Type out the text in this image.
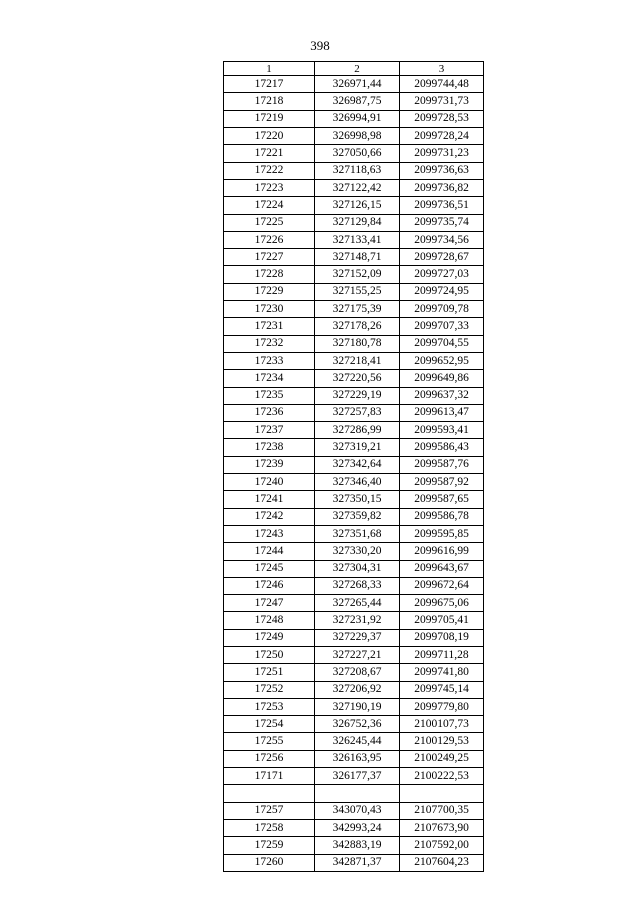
398
1	2	3
17217	326971,44	2099744,48
17218	326987,75	2099731,73
17219	326994,91	2099728,53
17220	326998,98	2099728,24
17221	327050,66	2099731,23
17222	327118,63	2099736,63
17223	327122,42	2099736,82
17224	327126,15	2099736,51
17225	327129,84	2099735,74
17226	327133,41	2099734,56
17227	327148,71	2099728,67
17228	327152,09	2099727,03
17229	327155,25	2099724,95
17230	327175,39	2099709,78
17231	327178,26	2099707,33
17232	327180,78	2099704,55
17233	327218,41	2099652,95
17234	327220,56	2099649,86
17235	327229,19	2099637,32
17236	327257,83	2099613,47
17237	327286,99	2099593,41
17238	327319,21	2099586,43
17239	327342,64	2099587,76
17240	327346,40	2099587,92
17241	327350,15	2099587,65
17242	327359,82	2099586,78
17243	327351,68	2099595,85
17244	327330,20	2099616,99
17245	327304,31	2099643,67
17246	327268,33	2099672,64
17247	327265,44	2099675,06
17248	327231,92	2099705,41
17249	327229,37	2099708,19
17250	327227,21	2099711,28
17251	327208,67	2099741,80
17252	327206,92	2099745,14
17253	327190,19	2099779,80
17254	326752,36	2100107,73
17255	326245,44	2100129,53
17256	326163,95	2100249,25
17171	326177,37	2100222,53

17257	343070,43	2107700,35
17258	342993,24	2107673,90
17259	342883,19	2107592,00
17260	342871,37	2107604,23
